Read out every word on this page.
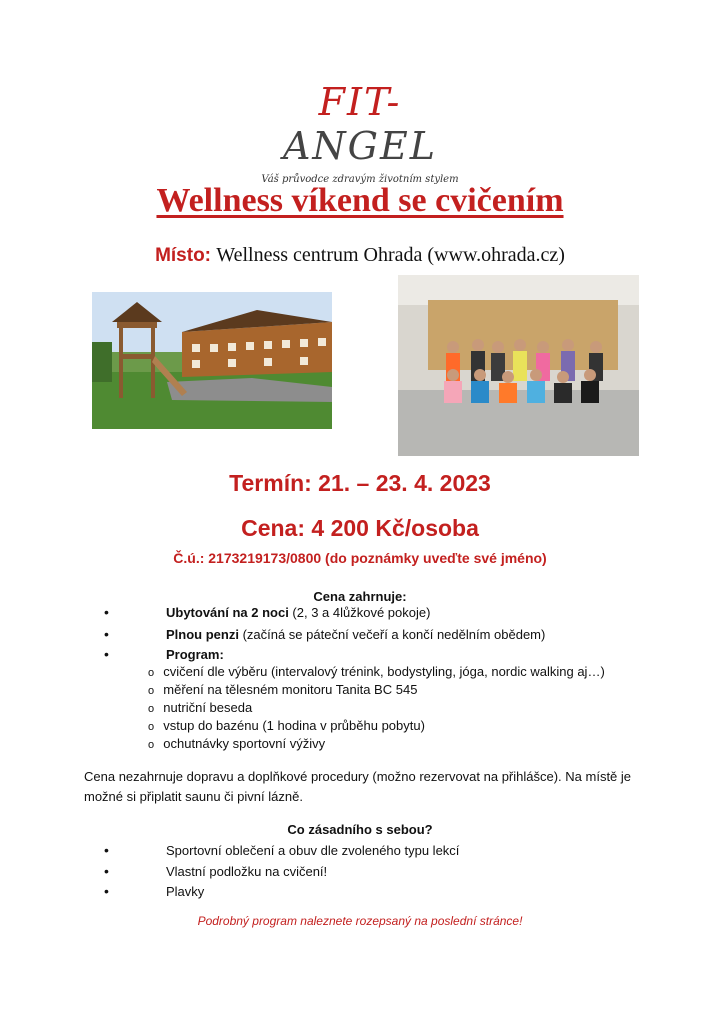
FIT-ANGEL
Váš průvodce zdravým životním stylem
Wellness víkend se cvičením
Místo: Wellness centrum Ohrada (www.ohrada.cz)
Termín: 21. – 23. 4. 2023
Cena: 4 200 Kč/osoba
Č.ú.: 2173219173/0800 (do poznámky uveďte své jméno)
Cena zahrnuje:
•	Ubytování na 2 noci (2, 3 a 4lůžkové pokoje)
•	Plnou penzi (začíná se páteční večeří a končí nedělním obědem)
•	Program:
o   cvičení dle výběru (intervalový trénink, bodystyling, jóga, nordic walking aj…)
o   měření na tělesném monitoru Tanita BC 545
o   nutriční beseda
o   vstup do bazénu (1 hodina v průběhu pobytu)
o   ochutnávky sportovní výživy
Cena nezahrnuje dopravu a doplňkové procedury (možno rezervovat na přihlášce). Na místě je možné si připlatit saunu či pivní lázně.
Co zásadního s sebou?
•	Sportovní oblečení a obuv dle zvoleného typu lekcí
•	Vlastní podložku na cvičení!
•	Plavky
Podrobný program naleznete rozepsaný na poslední stránce!
